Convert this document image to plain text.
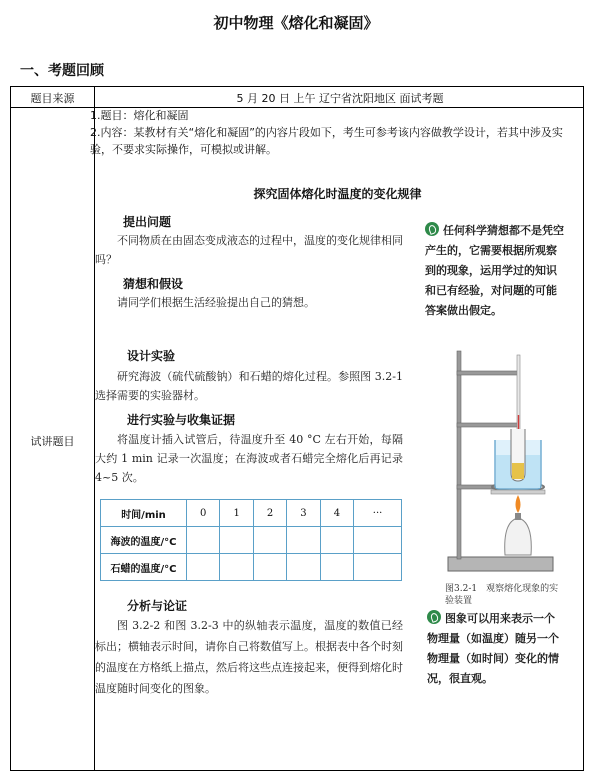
初中物理《熔化和凝固》
一、考题回顾
题目来源	5 月 20 日 上午 辽宁省沈阳地区 面试考题
试讲题目

1.题目：熔化和凝固

2.内容：某教材有关“熔化和凝固”的内容片段如下，考生可参考该内容做教学设计，若其中涉及实验，不要求实际操作，可模拟或讲解。

探究固体熔化时温度的变化规律
提出问题
不同物质在由固态变成液态的过程中，温度的变化规律相同吗？
猜想和假设
请同学们根据生活经验提出自己的猜想。
设计实验
研究海波（硫代硫酸钠）和石蜡的熔化过程。参照图 3.2-1 选择需要的实验器材。
进行实验与收集证据
将温度计插入试管后，待温度升至 40 °C 左右开始，每隔大约 1 min 记录一次温度；在海波或者石蜡完全熔化后再记录 4~5 次。
时间/min	0	1	2	3	4	···
海波的温度/°C						
石蜡的温度/°C						
分析与论证
图 3.2-2 和图 3.2-3 中的纵轴表示温度，温度的数值已经标出；横轴表示时间，请你自己将数值写上。根据表中各个时刻的温度在方格纸上描点，然后将这些点连接起来，便得到熔化时温度随时间变化的图象。
任何科学猜想都不是凭空产生的，它需要根据所观察到的现象，运用学过的知识和已有经验，对问题的可能答案做出假定。
图3.2-1　观察熔化现象的实验装置
图象可以用来表示一个物理量（如温度）随另一个物理量（如时间）变化的情况，很直观。
